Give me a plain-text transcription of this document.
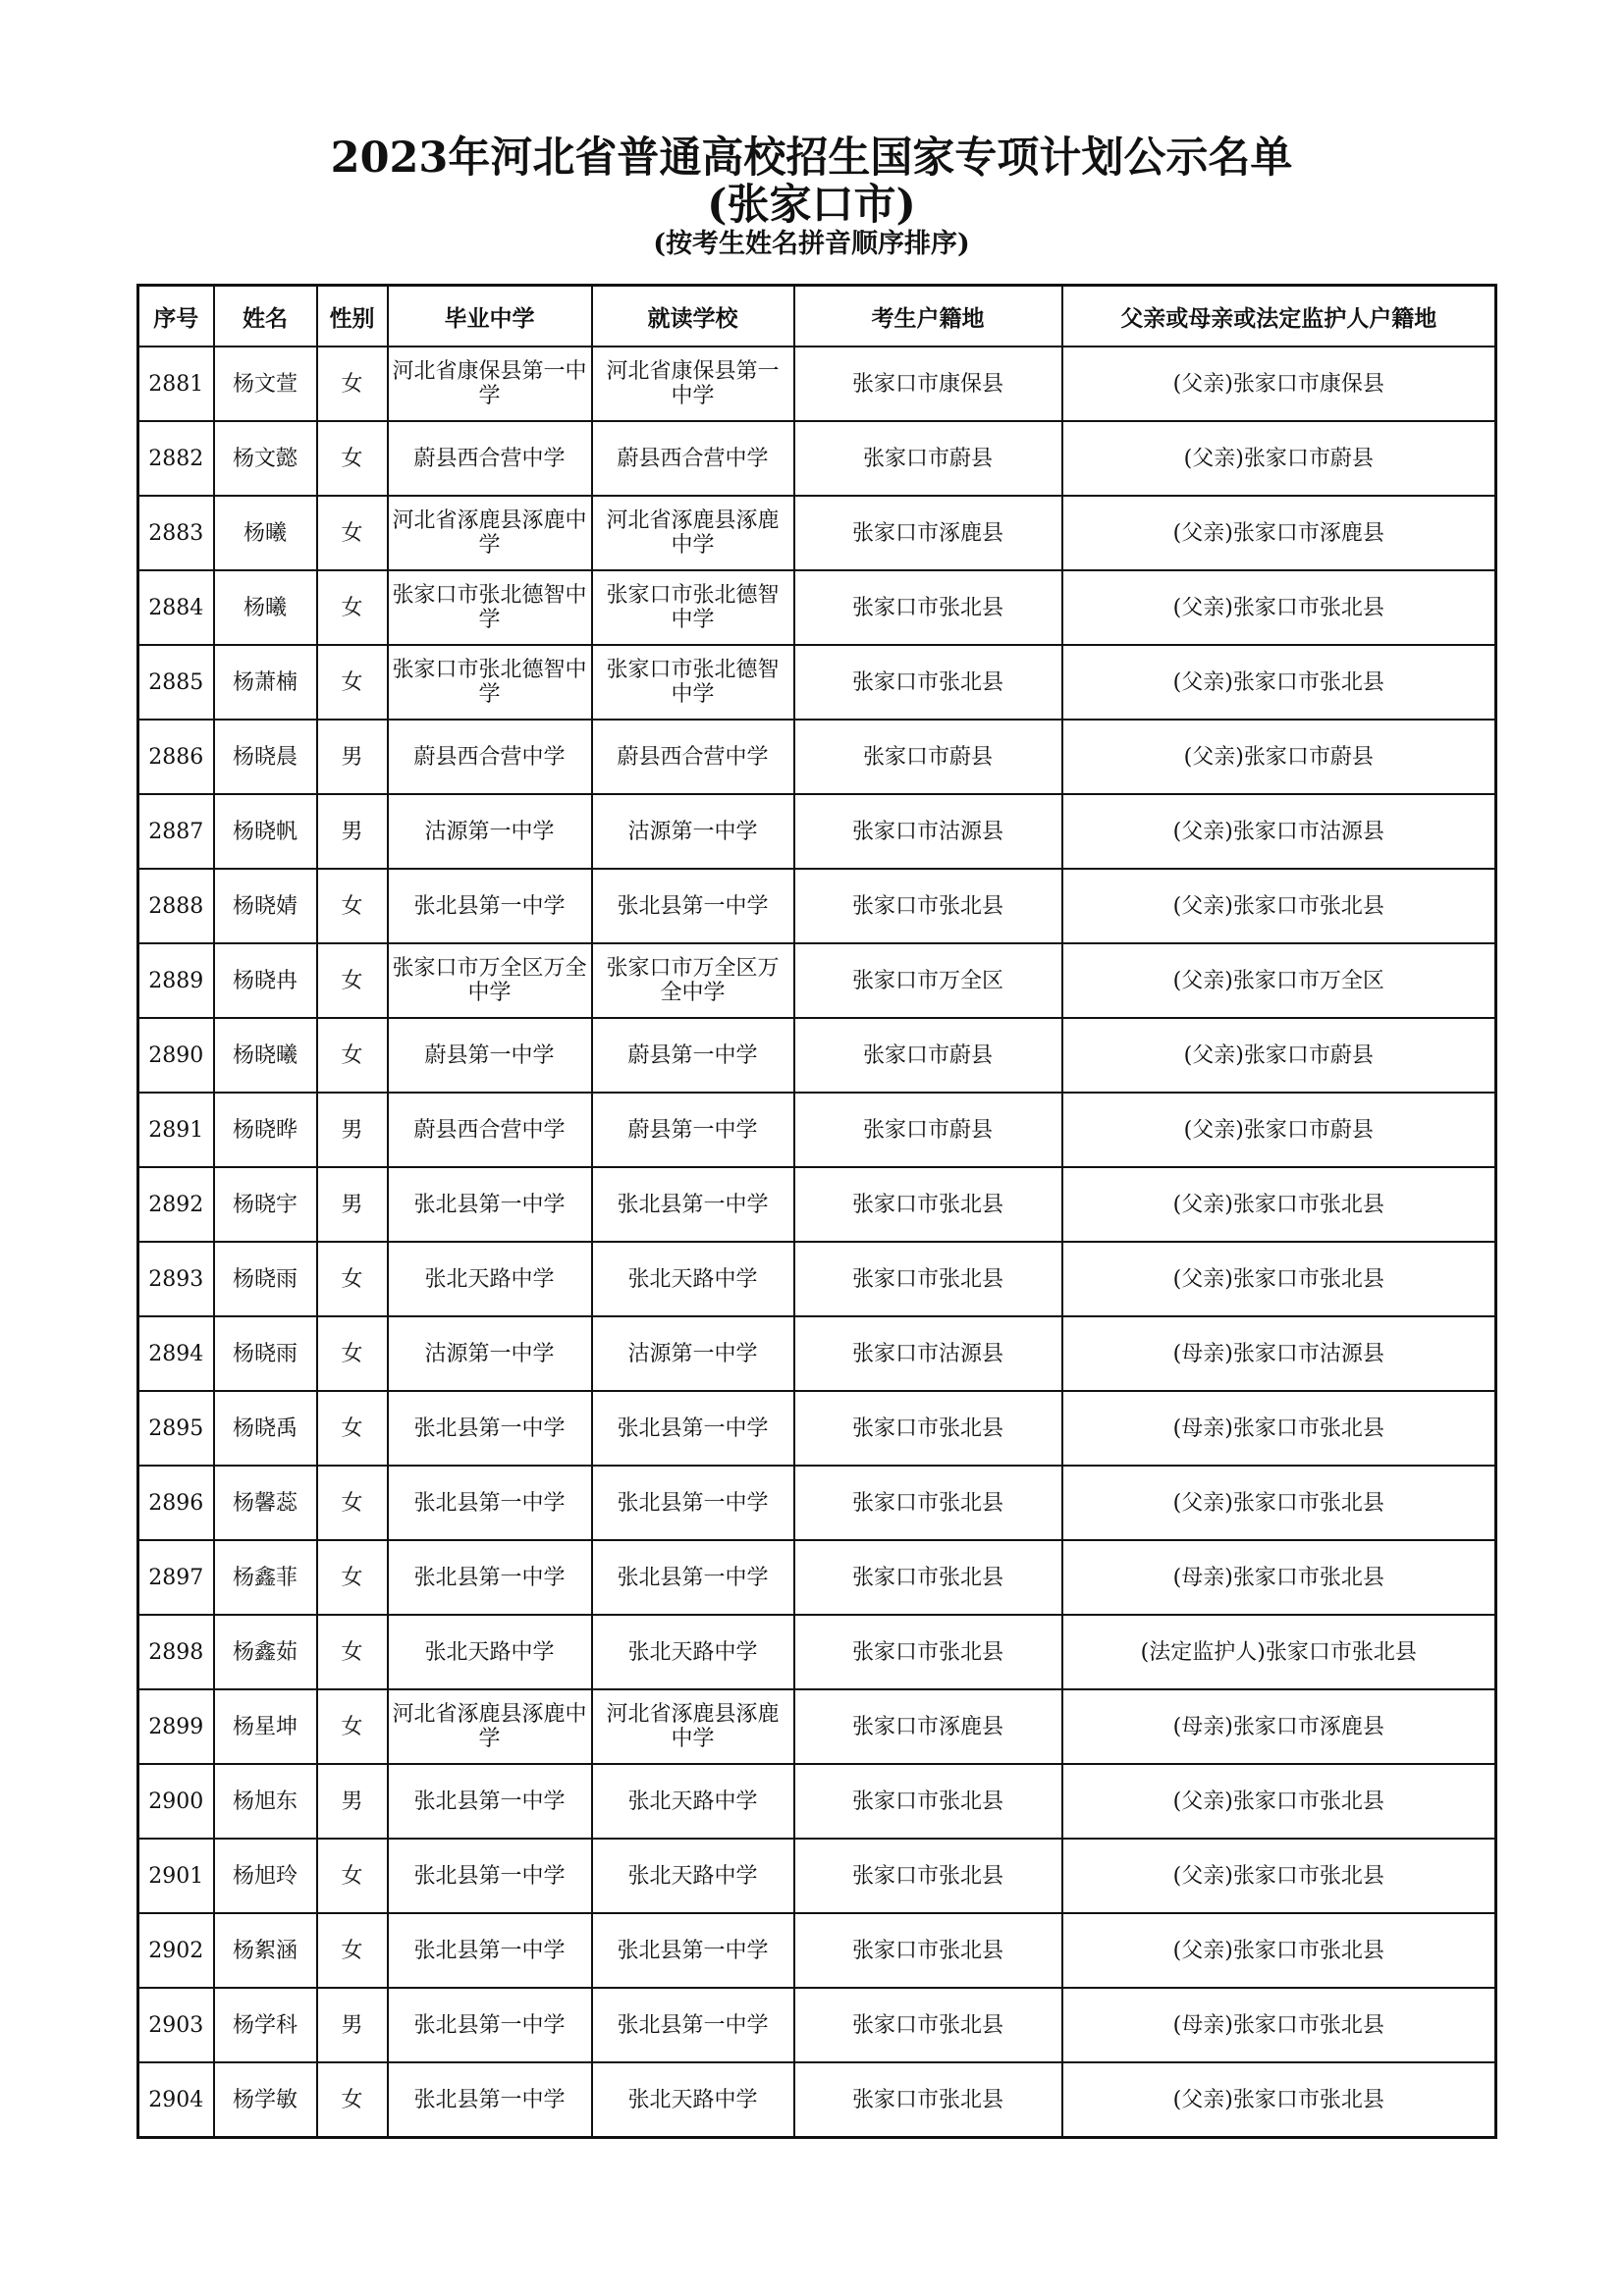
2023年河北省普通高校招生国家专项计划公示名单
(张家口市)
(按考生姓名拼音顺序排序)
序号	姓名	性别	毕业中学	就读学校	考生户籍地	父亲或母亲或法定监护人户籍地
2881	杨文萱	女	河北省康保县第一中学	河北省康保县第一中学	张家口市康保县	(父亲)张家口市康保县
2882	杨文懿	女	蔚县西合营中学	蔚县西合营中学	张家口市蔚县	(父亲)张家口市蔚县
2883	杨曦	女	河北省涿鹿县涿鹿中学	河北省涿鹿县涿鹿中学	张家口市涿鹿县	(父亲)张家口市涿鹿县
2884	杨曦	女	张家口市张北德智中学	张家口市张北德智中学	张家口市张北县	(父亲)张家口市张北县
2885	杨萧楠	女	张家口市张北德智中学	张家口市张北德智中学	张家口市张北县	(父亲)张家口市张北县
2886	杨晓晨	男	蔚县西合营中学	蔚县西合营中学	张家口市蔚县	(父亲)张家口市蔚县
2887	杨晓帆	男	沽源第一中学	沽源第一中学	张家口市沽源县	(父亲)张家口市沽源县
2888	杨晓婧	女	张北县第一中学	张北县第一中学	张家口市张北县	(父亲)张家口市张北县
2889	杨晓冉	女	张家口市万全区万全中学	张家口市万全区万全中学	张家口市万全区	(父亲)张家口市万全区
2890	杨晓曦	女	蔚县第一中学	蔚县第一中学	张家口市蔚县	(父亲)张家口市蔚县
2891	杨晓晔	男	蔚县西合营中学	蔚县第一中学	张家口市蔚县	(父亲)张家口市蔚县
2892	杨晓宇	男	张北县第一中学	张北县第一中学	张家口市张北县	(父亲)张家口市张北县
2893	杨晓雨	女	张北天路中学	张北天路中学	张家口市张北县	(父亲)张家口市张北县
2894	杨晓雨	女	沽源第一中学	沽源第一中学	张家口市沽源县	(母亲)张家口市沽源县
2895	杨晓禹	女	张北县第一中学	张北县第一中学	张家口市张北县	(母亲)张家口市张北县
2896	杨馨蕊	女	张北县第一中学	张北县第一中学	张家口市张北县	(父亲)张家口市张北县
2897	杨鑫菲	女	张北县第一中学	张北县第一中学	张家口市张北县	(母亲)张家口市张北县
2898	杨鑫茹	女	张北天路中学	张北天路中学	张家口市张北县	(法定监护人)张家口市张北县
2899	杨星坤	女	河北省涿鹿县涿鹿中学	河北省涿鹿县涿鹿中学	张家口市涿鹿县	(母亲)张家口市涿鹿县
2900	杨旭东	男	张北县第一中学	张北天路中学	张家口市张北县	(父亲)张家口市张北县
2901	杨旭玲	女	张北县第一中学	张北天路中学	张家口市张北县	(父亲)张家口市张北县
2902	杨絮涵	女	张北县第一中学	张北县第一中学	张家口市张北县	(父亲)张家口市张北县
2903	杨学科	男	张北县第一中学	张北县第一中学	张家口市张北县	(母亲)张家口市张北县
2904	杨学敏	女	张北县第一中学	张北天路中学	张家口市张北县	(父亲)张家口市张北县
